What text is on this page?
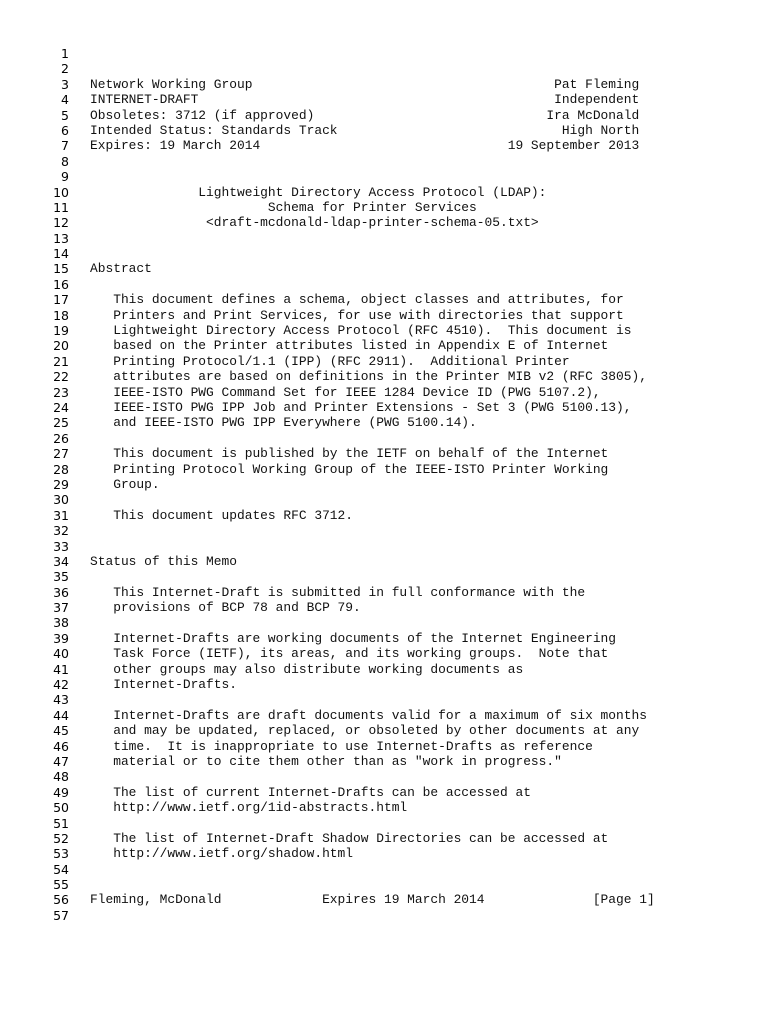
1
2
3 Network Working Group                                       Pat Fleming
4 INTERNET-DRAFT                                              Independent
5 Obsoletes: 3712 (if approved)                              Ira McDonald
6 Intended Status: Standards Track                             High North
7 Expires: 19 March 2014                                19 September 2013
8
9
10 Lightweight Directory Access Protocol (LDAP):
11 Schema for Printer Services
12 <draft-mcdonald-ldap-printer-schema-05.txt>
13
14
15 Abstract
16
17 This document defines a schema, object classes and attributes, for
18 Printers and Print Services, for use with directories that support
19 Lightweight Directory Access Protocol (RFC 4510).  This document is
20 based on the Printer attributes listed in Appendix E of Internet
21 Printing Protocol/1.1 (IPP) (RFC 2911).  Additional Printer
22 attributes are based on definitions in the Printer MIB v2 (RFC 3805),
23 IEEE-ISTO PWG Command Set for IEEE 1284 Device ID (PWG 5107.2),
24 IEEE-ISTO PWG IPP Job and Printer Extensions - Set 3 (PWG 5100.13),
25 and IEEE-ISTO PWG IPP Everywhere (PWG 5100.14).
26
27 This document is published by the IETF on behalf of the Internet
28 Printing Protocol Working Group of the IEEE-ISTO Printer Working
29 Group.
30
31 This document updates RFC 3712.
32
33
34 Status of this Memo
35
36 This Internet-Draft is submitted in full conformance with the
37 provisions of BCP 78 and BCP 79.
38
39 Internet-Drafts are working documents of the Internet Engineering
40 Task Force (IETF), its areas, and its working groups.  Note that
41 other groups may also distribute working documents as
42 Internet-Drafts.
43
44 Internet-Drafts are draft documents valid for a maximum of six months
45 and may be updated, replaced, or obsoleted by other documents at any
46 time.  It is inappropriate to use Internet-Drafts as reference
47 material or to cite them other than as "work in progress."
48
49 The list of current Internet-Drafts can be accessed at
50 http://www.ietf.org/1id-abstracts.html
51
52 The list of Internet-Draft Shadow Directories can be accessed at
53 http://www.ietf.org/shadow.html
54
55
56 Fleming, McDonald             Expires 19 March 2014              [Page 1]
57
